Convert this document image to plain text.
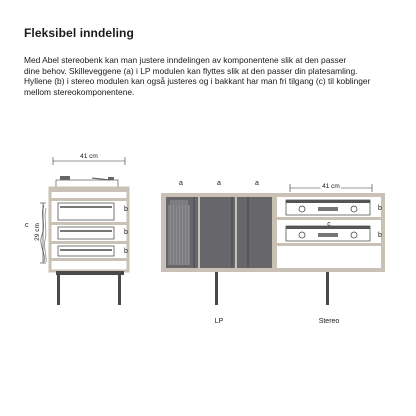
Fleksibel inndeling
Med Abel stereobenk kan man justere inndelingen av komponentene slik at den passer
dine behov. Skilleveggene (a) i LP modulen kan flyttes slik at den passer din platesamling.
Hyllene (b) i stereo modulen kan også justeres og i bakkant har man fri tilgang (c) til koblinger
mellom stereokomponentene.
41 cm
29 cm
c
b
b
b
a	a	a	41 cm
b
b
c
LP	Stereo
